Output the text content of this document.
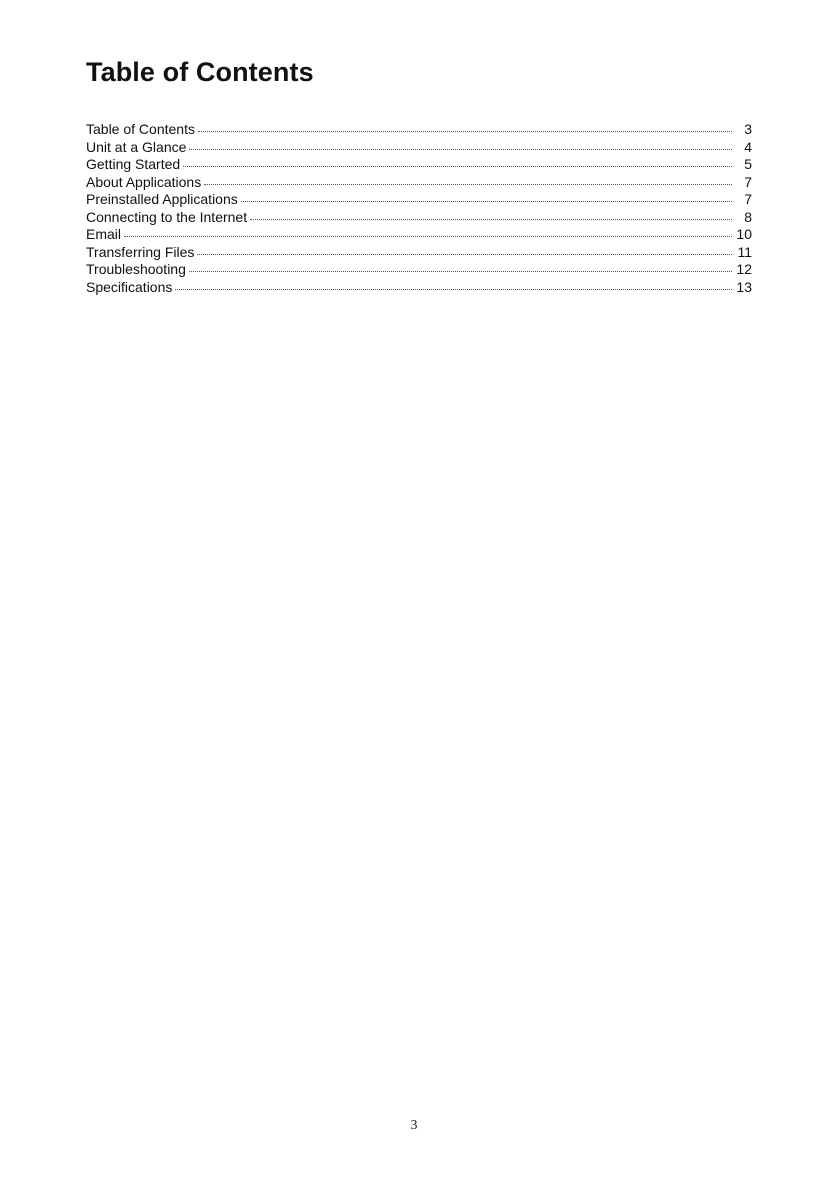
Table of Contents
Table of Contents	3
Unit at a Glance	4
Getting Started	5
About Applications	7
Preinstalled Applications	7
Connecting to the Internet	8
Email	10
Transferring Files	11
Troubleshooting	12
Specifications	13
3
